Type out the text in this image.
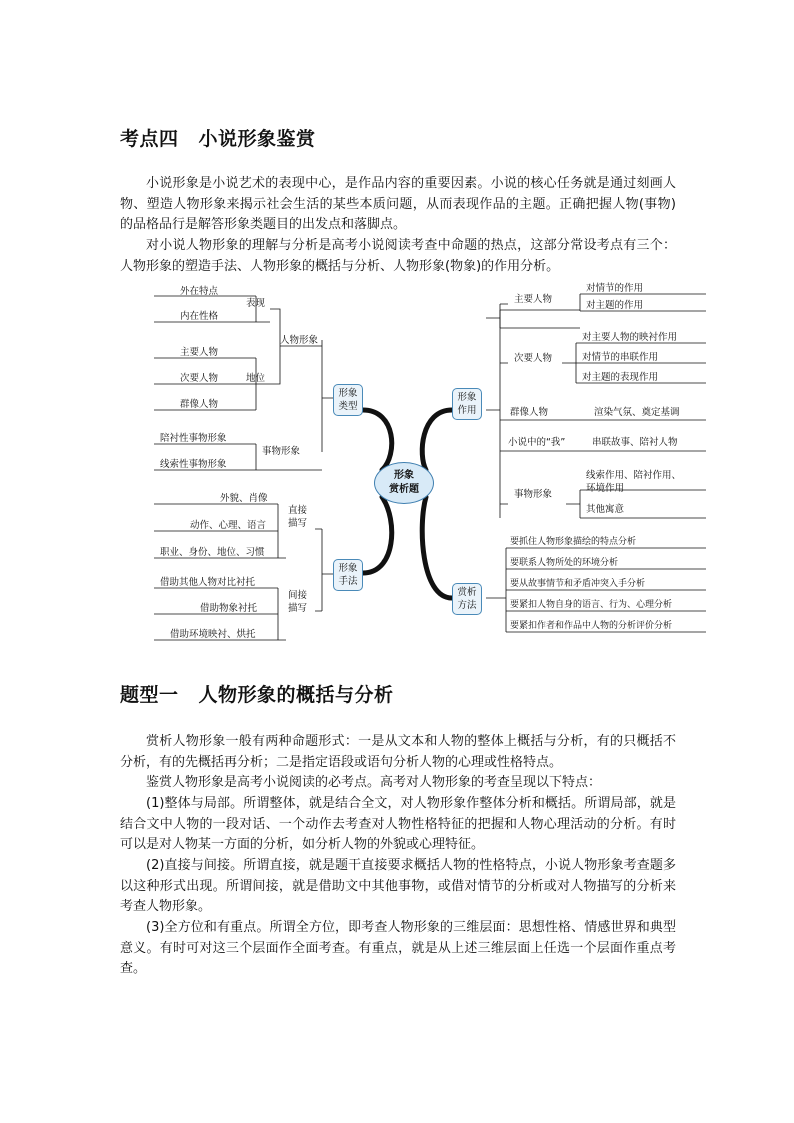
考点四 小说形象鉴赏

小说形象是小说艺术的表现中心，是作品内容的重要因素。小说的核心任务就是通过刻画人物、塑造人物形象来揭示社会生活的某些本质问题，从而表现作品的主题。正确把握人物(事物)的品格品行是解答形象类题目的出发点和落脚点。

对小说人物形象的理解与分析是高考小说阅读考查中命题的热点，这部分常设考点有三个：人物形象的塑造手法、人物形象的概括与分析、人物形象(物象)的作用分析。

外在特点
内在性格
表现
主要人物
次要人物
群像人物
地位
人物形象
陪衬性事物形象
线索性事物形象
事物形象
形象
类型
外貌、肖像
动作、心理、语言
职业、身份、地位、习惯
直接
描写
借助其他人物对比衬托
借助物象衬托
借助环境映衬、烘托
间接
描写
形象
手法
形象
赏析题
形象
作用
主要人物
对情节的作用
对主题的作用
次要人物
对主要人物的映衬作用
对情节的串联作用
对主题的表现作用
群像人物	渲染气氛、奠定基调
小说中的“我”	串联故事、陪衬人物
事物形象
线索作用、陪衬作用、
环境作用
其他寓意
赏析
方法
要抓住人物形象描绘的特点分析
要联系人物所处的环境分析
要从故事情节和矛盾冲突入手分析
要紧扣人物自身的语言、行为、心理分析
要紧扣作者和作品中人物的分析评价分析
题型一 人物形象的概括与分析

赏析人物形象一般有两种命题形式：一是从文本和人物的整体上概括与分析，有的只概括不分析，有的先概括再分析；二是指定语段或语句分析人物的心理或性格特点。

鉴赏人物形象是高考小说阅读的必考点。高考对人物形象的考查呈现以下特点：

(1)整体与局部。所谓整体，就是结合全文，对人物形象作整体分析和概括。所谓局部，就是结合文中人物的一段对话、一个动作去考查对人物性格特征的把握和人物心理活动的分析。有时可以是对人物某一方面的分析，如分析人物的外貌或心理特征。

(2)直接与间接。所谓直接，就是题干直接要求概括人物的性格特点，小说人物形象考查题多以这种形式出现。所谓间接，就是借助文中其他事物，或借对情节的分析或对人物描写的分析来考查人物形象。

(3)全方位和有重点。所谓全方位，即考查人物形象的三维层面：思想性格、情感世界和典型意义。有时可对这三个层面作全面考查。有重点，就是从上述三维层面上任选一个层面作重点考查。
